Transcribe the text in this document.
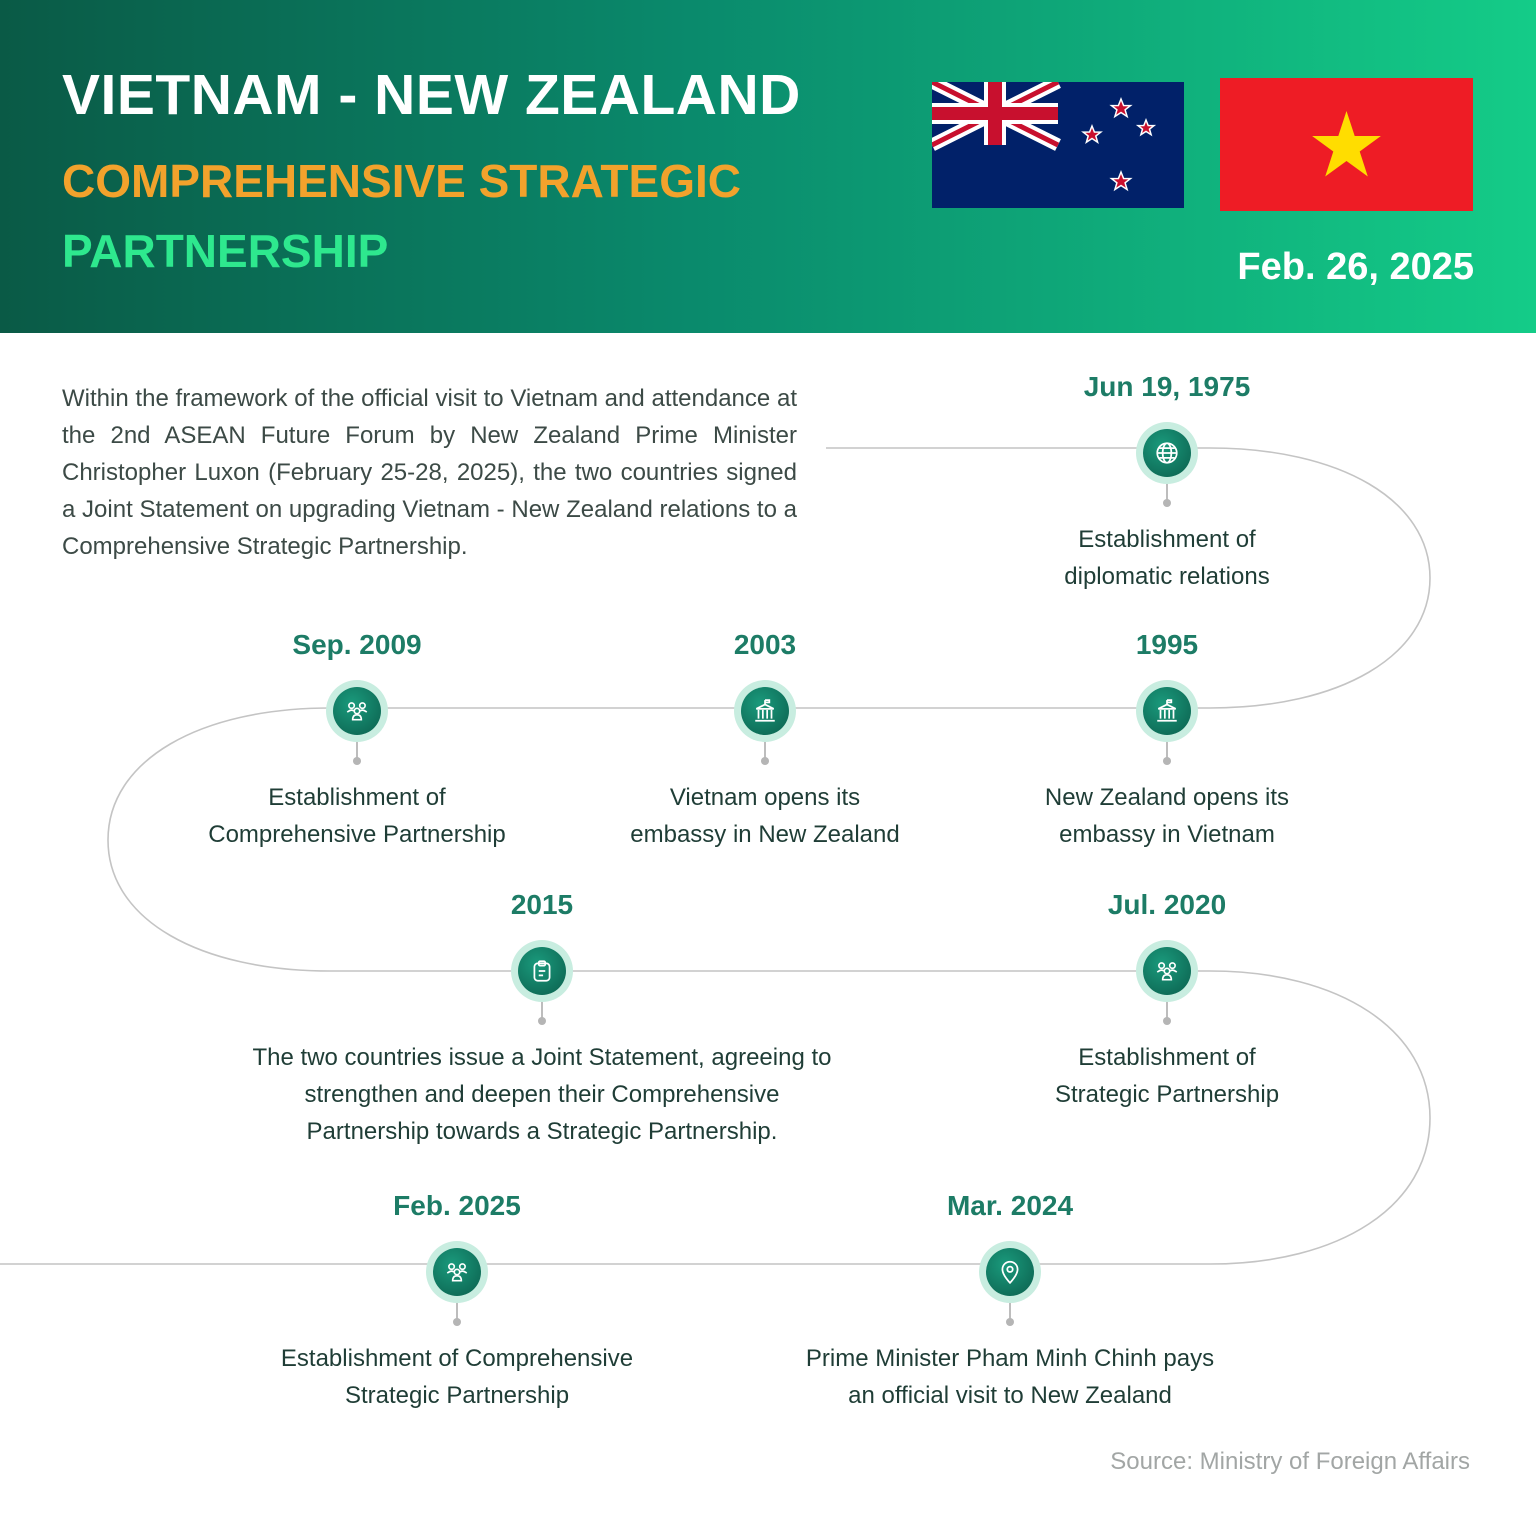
VIETNAM - NEW ZEALAND
COMPREHENSIVE STRATEGIC
PARTNERSHIP	Feb. 26, 2025

Within the framework of the official visit to Vietnam and attendance at the 2nd ASEAN Future Forum by New Zealand Prime Minister Christopher Luxon (February 25-28, 2025), the two countries signed a Joint Statement on upgrading Vietnam - New Zealand relations to a Comprehensive Strategic Partnership.

Jun 19, 1975
Establishment of
diplomatic relations
1995
New Zealand opens its
embassy in Vietnam
2003
Vietnam opens its
embassy in New Zealand
Sep. 2009
Establishment of
Comprehensive Partnership
2015
The two countries issue a Joint Statement, agreeing to
strengthen and deepen their Comprehensive
Partnership towards a Strategic Partnership.
Jul. 2020
Establishment of
Strategic Partnership
Mar. 2024
Prime Minister Pham Minh Chinh pays
an official visit to New Zealand
Feb. 2025
Establishment of Comprehensive
Strategic Partnership
Source: Ministry of Foreign Affairs
